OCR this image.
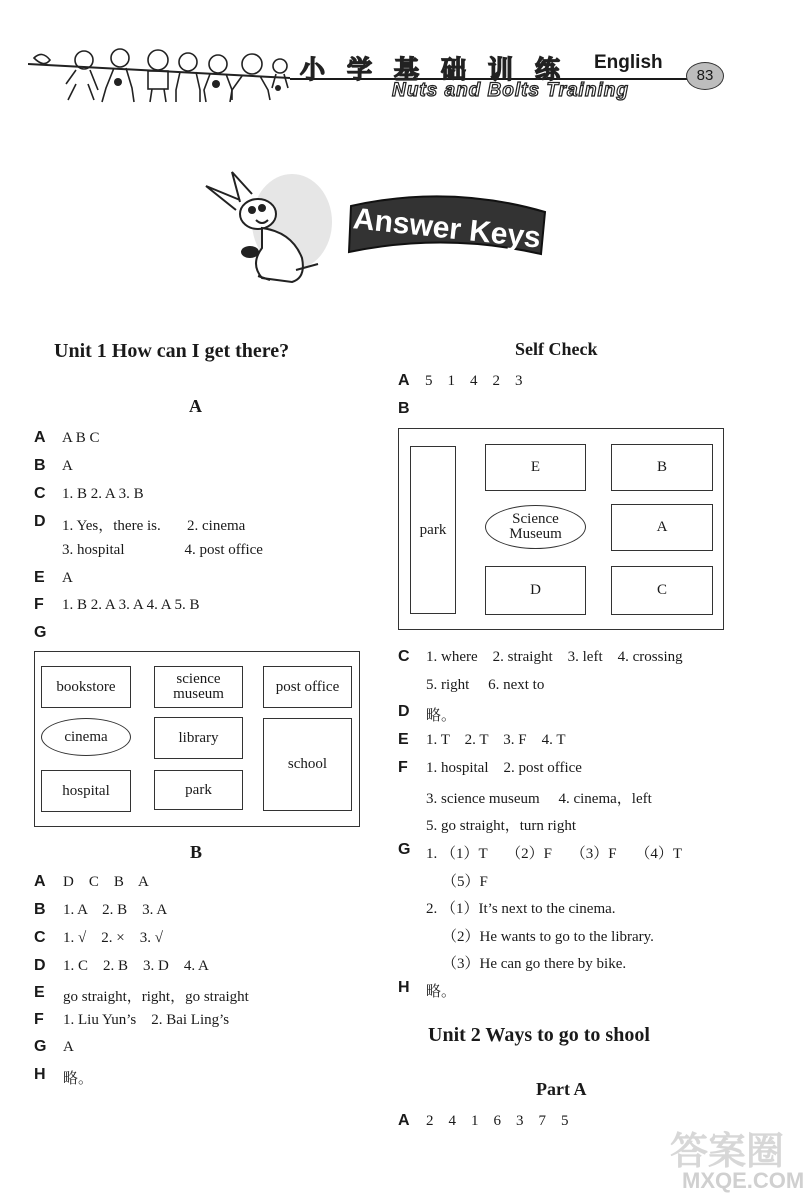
小学基础训练 English
Nuts and Bolts Training
83
Answer Keys
Unit 1 How can I get there?
A
A A B C
B A
C 1. B 2. A 3. B
D 1. Yes，there is.       2. cinema
3. hospital                4. post office
E A
F 1. B 2. A 3. A 4. A 5. B
G
bookstore	science museum	post office
cinema	library
school
hospital	park
B
A D    C    B    A
B 1. A    2. B    3. A
C 1. √    2. ×    3. √
D 1. C    2. B    3. D    4. A
E go straight，right，go straight
F 1. Liu Yun’s    2. Bai Ling’s
G A
H 略。
Self Check
A 5    1    4    2    3
B
park
E	B
Science Museum	A
D	C
C 1. where    2. straight    3. left    4. crossing
5. right     6. next to
D 略。
E 1. T    2. T    3. F    4. T
F 1. hospital    2. post office
3. science museum     4. cinema，left
5. go straight，turn right
G 1. （1）T     （2）F     （3）F     （4）T
（5）F
2. （1）It’s next to the cinema.
（2）He wants to go to the library.
（3）He can go there by bike.
H 略。
Unit 2 Ways to go to shool
Part A
A 2    4    1    6    3    7    5
答案圈
MXQE.COM
